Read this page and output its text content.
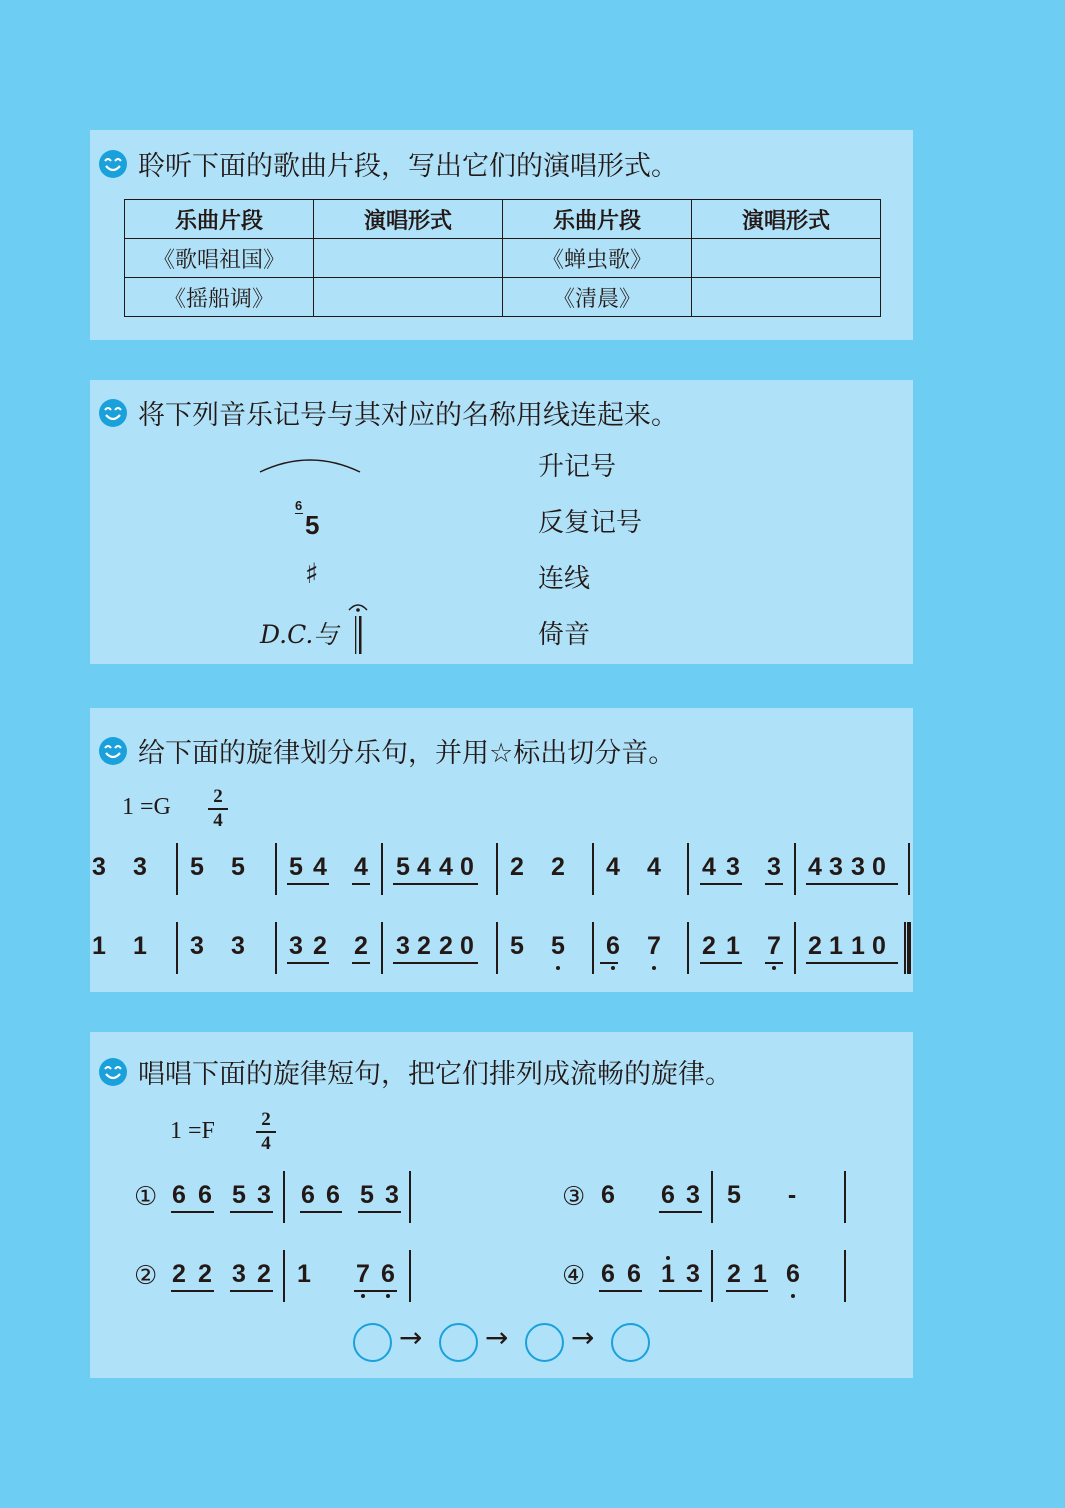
聆听下面的歌曲片段，写出它们的演唱形式。
乐曲片段	演唱形式	乐曲片段	演唱形式
《歌唱祖国》		《蝉虫歌》	
《摇船调》		《清晨》	
将下列音乐记号与其对应的名称用线连起来。
6
5
♯
D.C.与
升记号
反复记号
连线
倚音
给下面的旋律划分乐句，并用☆标出切分音。
1 =G 2
4
3 3 5 5 5 4 4 5 4 4 0 2 2 4 4 4 3 3 4 3 3 0
1 1 3 3 3 2 2 3 2 2 0 5 5 6 7 2 1 7 2 1 1 0
唱唱下面的旋律短句，把它们排列成流畅的旋律。
1 =F 2
4
①
②
③
④
6 6 5 3 6 6 5 3
2 2 3 2 1 7 6
6 6 3 5 -
6 6 1 3 2 1 6
→ → →
